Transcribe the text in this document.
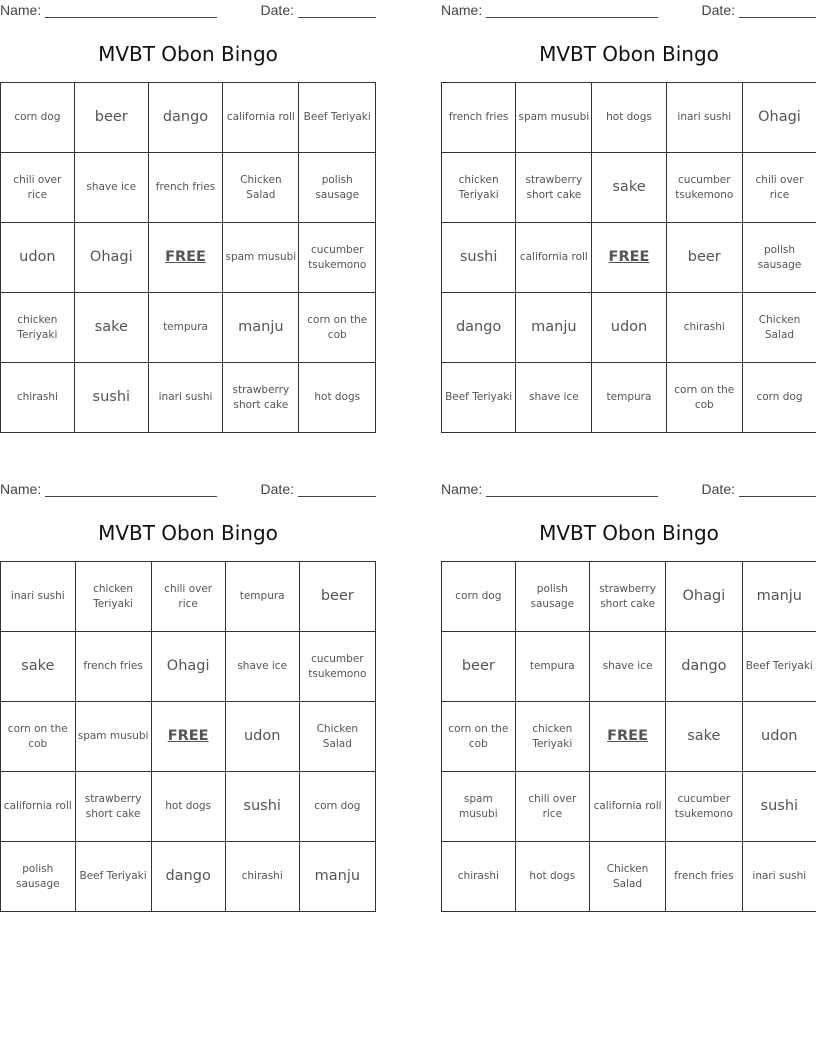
Name:	Date:
MVBT Obon Bingo
corn dog	beer	dango	california roll	Beef Teriyaki
chili over rice	shave ice	french fries	Chicken Salad	polish sausage
udon	Ohagi	FREE	spam musubi	cucumber tsukemono
chicken Teriyaki	sake	tempura	manju	corn on the cob
chirashi	sushi	inari sushi	strawberry short cake	hot dogs
Name:	Date:
MVBT Obon Bingo
french fries	spam musubi	hot dogs	inari sushi	Ohagi
chicken Teriyaki	strawberry short cake	sake	cucumber tsukemono	chili over rice
sushi	california roll	FREE	beer	polish sausage
dango	manju	udon	chirashi	Chicken Salad
Beef Teriyaki	shave ice	tempura	corn on the cob	corn dog
Name:	Date:
MVBT Obon Bingo
inari sushi	chicken Teriyaki	chili over rice	tempura	beer
sake	french fries	Ohagi	shave ice	cucumber tsukemono
corn on the cob	spam musubi	FREE	udon	Chicken Salad
california roll	strawberry short cake	hot dogs	sushi	corn dog
polish sausage	Beef Teriyaki	dango	chirashi	manju
Name:	Date:
MVBT Obon Bingo
corn dog	polish sausage	strawberry short cake	Ohagi	manju
beer	tempura	shave ice	dango	Beef Teriyaki
corn on the cob	chicken Teriyaki	FREE	sake	udon
spam musubi	chili over rice	california roll	cucumber tsukemono	sushi
chirashi	hot dogs	Chicken Salad	french fries	inari sushi
